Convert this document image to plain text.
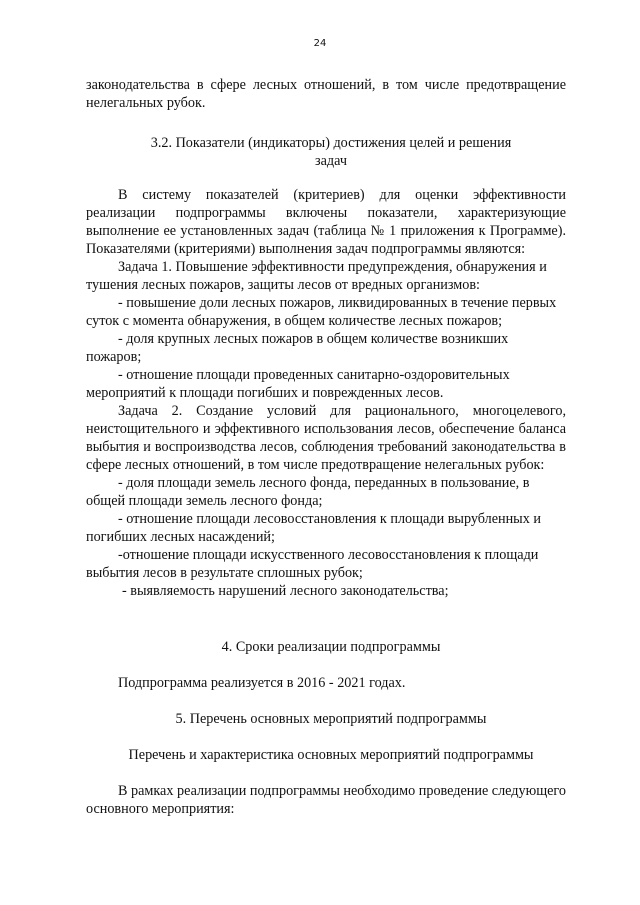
24

законодательства в сфере лесных отношений, в том числе предотвращение нелегальных рубок.

3.2. Показатели (индикаторы) достижения целей и решения

задач

В систему показателей (критериев) для оценки эффективности реализации подпрограммы включены показатели, характеризующие выполнение ее установленных задач (таблица № 1 приложения к Программе). Показателями (критериями) выполнения задач подпрограммы являются:

Задача 1. Повышение эффективности предупреждения, обнаружения и тушения лесных пожаров, защиты лесов от вредных организмов:

- повышение доли лесных пожаров, ликвидированных в течение первых суток с момента обнаружения, в общем количестве лесных пожаров;

- доля крупных лесных пожаров в общем количестве возникших пожаров;

- отношение площади проведенных санитарно-оздоровительных мероприятий к площади погибших и поврежденных лесов.

Задача 2. Создание условий для рационального, многоцелевого, неистощительного и эффективного использования лесов, обеспечение баланса выбытия и воспроизводства лесов, соблюдения требований законодательства в сфере лесных отношений, в том числе предотвращение нелегальных рубок:

- доля площади земель лесного фонда, переданных в пользование, в общей площади земель лесного фонда;

- отношение площади лесовосстановления к площади вырубленных и погибших лесных насаждений;

-отношение площади искусственного лесовосстановления к площади выбытия лесов в результате сплошных рубок;

- выявляемость нарушений лесного законодательства;

4. Сроки реализации подпрограммы

Подпрограмма реализуется в 2016 - 2021 годах.

5. Перечень основных мероприятий подпрограммы

Перечень и характеристика основных мероприятий подпрограммы

В рамках реализации подпрограммы необходимо проведение следующего основного мероприятия:
